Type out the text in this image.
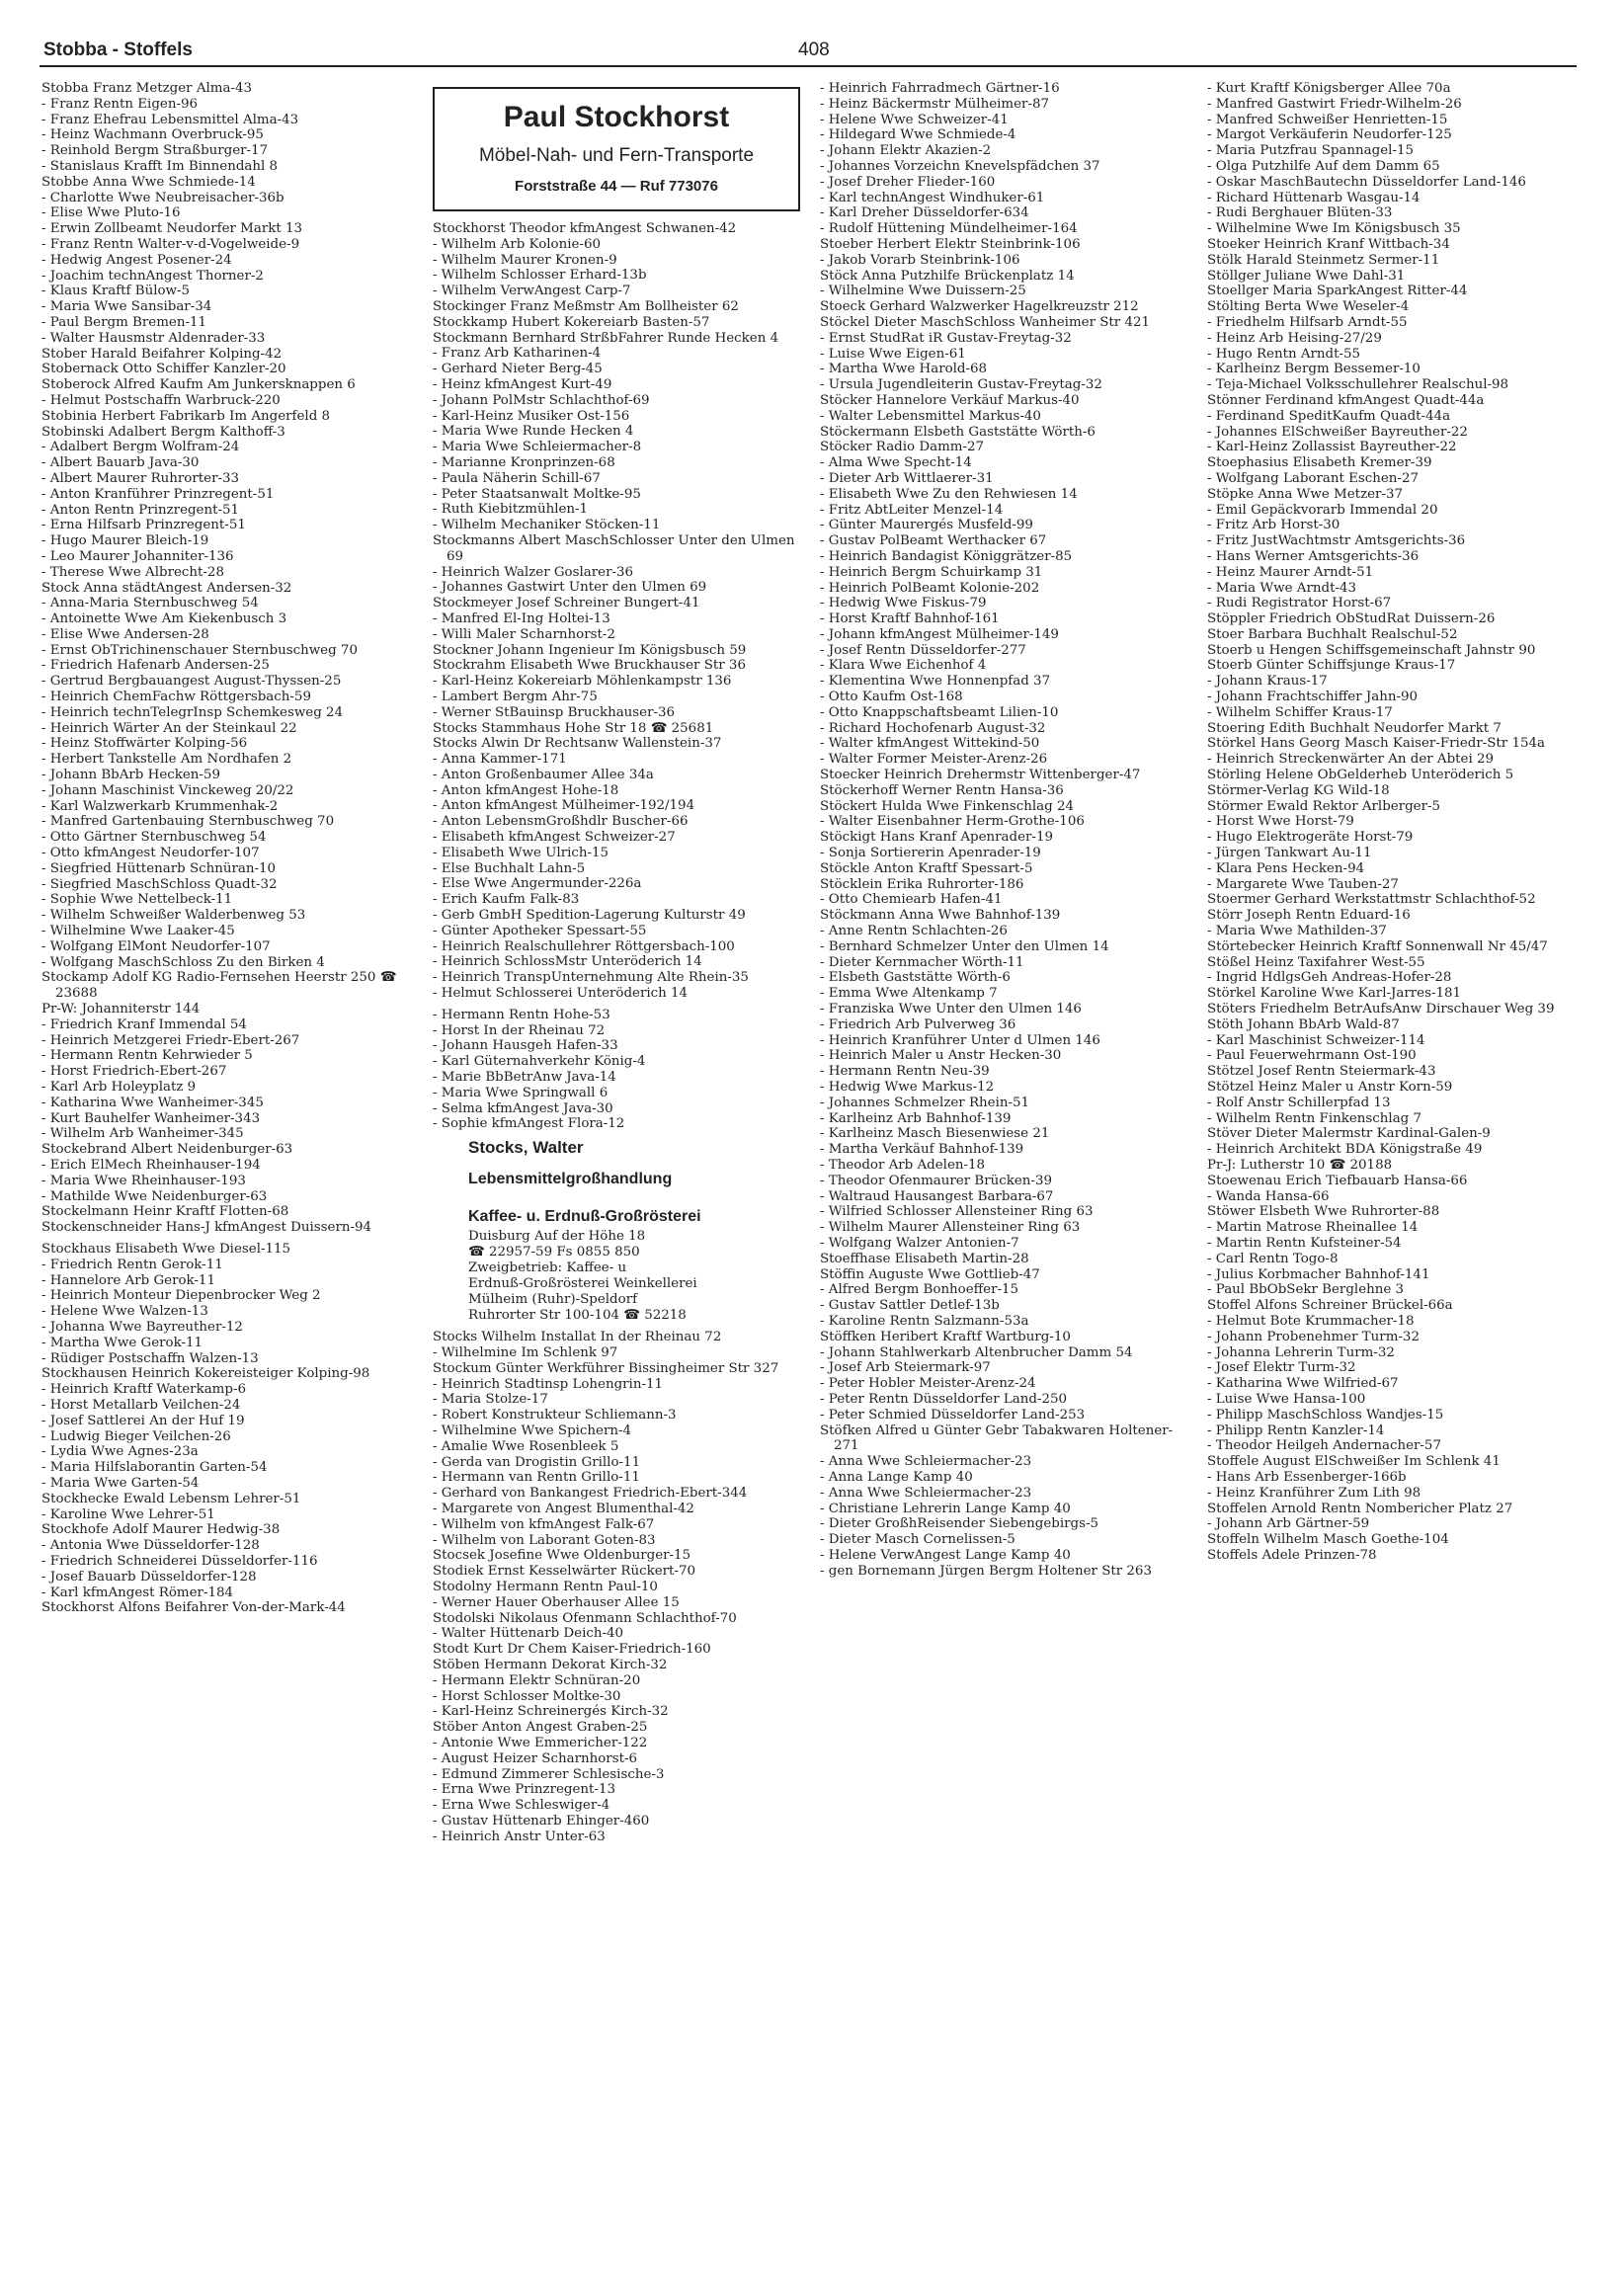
Stobba - Stoffels	408
Stobba Franz Metzger Alma-43
- Franz Rentn Eigen-96
- Franz Ehefrau Lebensmittel Alma-43
- Heinz Wachmann Overbruck-95
- Reinhold Bergm Straßburger-17
- Stanislaus Krafft Im Binnendahl 8
Stobbe Anna Wwe Schmiede-14
- Charlotte Wwe Neubreisacher-36b
- Elise Wwe Pluto-16
- Erwin Zollbeamt Neudorfer Markt 13
- Franz Rentn Walter-v-d-Vogelweide-9
- Hedwig Angest Posener-24
- Joachim technAngest Thorner-2
- Klaus Kraftf Bülow-5
- Maria Wwe Sansibar-34
- Paul Bergm Bremen-11
- Walter Hausmstr Aldenrader-33
Stober Harald Beifahrer Kolping-42
Stobernack Otto Schiffer Kanzler-20
Stoberock Alfred Kaufm Am Junkersknappen 6
- Helmut Postschaffn Warbruck-220
Stobinia Herbert Fabrikarb Im Angerfeld 8
Stobinski Adalbert Bergm Kalthoff-3
- Adalbert Bergm Wolfram-24
- Albert Bauarb Java-30
- Albert Maurer Ruhrorter-33
- Anton Kranführer Prinzregent-51
- Anton Rentn Prinzregent-51
- Erna Hilfsarb Prinzregent-51
- Hugo Maurer Bleich-19
- Leo Maurer Johanniter-136
- Therese Wwe Albrecht-28
Stock Anna städtAngest Andersen-32
- Anna-Maria Sternbuschweg 54
- Antoinette Wwe Am Kiekenbusch 3
- Elise Wwe Andersen-28
- Ernst ObTrichinenschauer Sternbuschweg 70
- Friedrich Hafenarb Andersen-25
- Gertrud Bergbauangest August-Thyssen-25
- Heinrich ChemFachw Röttgersbach-59
- Heinrich technTelegrInsp Schemkesweg 24
- Heinrich Wärter An der Steinkaul 22
- Heinz Stoffwärter Kolping-56
- Herbert Tankstelle Am Nordhafen 2
- Johann BbArb Hecken-59
- Johann Maschinist Vinckeweg 20/22
- Karl Walzwerkarb Krummenhak-2
- Manfred Gartenbauing Sternbuschweg 70
- Otto Gärtner Sternbuschweg 54
- Otto kfmAngest Neudorfer-107
- Siegfried Hüttenarb Schnüran-10
- Siegfried MaschSchloss Quadt-32
- Sophie Wwe Nettelbeck-11
- Wilhelm Schweißer Walderbenweg 53
- Wilhelmine Wwe Laaker-45
- Wolfgang ElMont Neudorfer-107
- Wolfgang MaschSchloss Zu den Birken 4
Stockamp Adolf KG Radio-Fernsehen Heerstr 250 ☎ 23688
Pr-W: Johanniterstr 144
- Friedrich Kranf Immendal 54
- Heinrich Metzgerei Friedr-Ebert-267
- Hermann Rentn Kehrwieder 5
- Horst Friedrich-Ebert-267
- Karl Arb Holeyplatz 9
- Katharina Wwe Wanheimer-345
- Kurt Bauhelfer Wanheimer-343
- Wilhelm Arb Wanheimer-345
Stockebrand Albert Neidenburger-63
- Erich ElMech Rheinhauser-194
- Maria Wwe Rheinhauser-193
- Mathilde Wwe Neidenburger-63
Stockelmann Heinr Kraftf Flotten-68
Stockenschneider Hans-J kfmAngest Duissern-94
Stockhaus Elisabeth Wwe Diesel-115
- Friedrich Rentn Gerok-11
- Hannelore Arb Gerok-11
- Heinrich Monteur Diepenbrocker Weg 2
- Helene Wwe Walzen-13
- Johanna Wwe Bayreuther-12
- Martha Wwe Gerok-11
- Rüdiger Postschaffn Walzen-13
Stockhausen Heinrich Kokereisteiger Kolping-98
- Heinrich Kraftf Waterkamp-6
- Horst Metallarb Veilchen-24
- Josef Sattlerei An der Huf 19
- Ludwig Bieger Veilchen-26
- Lydia Wwe Agnes-23a
- Maria Hilfslaborantin Garten-54
- Maria Wwe Garten-54
Stockhecke Ewald Lebensm Lehrer-51
- Karoline Wwe Lehrer-51
Stockhofe Adolf Maurer Hedwig-38
- Antonia Wwe Düsseldorfer-128
- Friedrich Schneiderei Düsseldorfer-116
- Josef Bauarb Düsseldorfer-128
- Karl kfmAngest Römer-184
Stockhorst Alfons Beifahrer Von-der-Mark-44
Paul Stockhorst
Möbel-Nah- und Fern-Transporte
Forststraße 44 — Ruf 773076
Stockhorst Theodor kfmAngest Schwanen-42
- Wilhelm Arb Kolonie-60
- Wilhelm Maurer Kronen-9
- Wilhelm Schlosser Erhard-13b
- Wilhelm VerwAngest Carp-7
Stockinger Franz Meßmstr Am Bollheister 62
Stockkamp Hubert Kokereiarb Basten-57
Stockmann Bernhard StrßbFahrer Runde Hecken 4
- Franz Arb Katharinen-4
- Gerhard Nieter Berg-45
- Heinz kfmAngest Kurt-49
- Johann PolMstr Schlachthof-69
- Karl-Heinz Musiker Ost-156
- Maria Wwe Runde Hecken 4
- Maria Wwe Schleiermacher-8
- Marianne Kronprinzen-68
- Paula Näherin Schill-67
- Peter Staatsanwalt Moltke-95
- Ruth Kiebitzmühlen-1
- Wilhelm Mechaniker Stöcken-11
Stockmanns Albert MaschSchlosser Unter den Ulmen 69
- Heinrich Walzer Goslarer-36
- Johannes Gastwirt Unter den Ulmen 69
Stockmeyer Josef Schreiner Bungert-41
- Manfred El-Ing Holtei-13
- Willi Maler Scharnhorst-2
Stockner Johann Ingenieur Im Königsbusch 59
Stockrahm Elisabeth Wwe Bruckhauser Str 36
- Karl-Heinz Kokereiarb Möhlenkampstr 136
- Lambert Bergm Ahr-75
- Werner StBauinsp Bruckhauser-36
Stocks Stammhaus Hohe Str 18 ☎ 25681
Stocks Alwin Dr Rechtsanw Wallenstein-37
- Anna Kammer-171
- Anton Großenbaumer Allee 34a
- Anton kfmAngest Hohe-18
- Anton kfmAngest Mülheimer-192/194
- Anton LebensmGroßhdlr Buscher-66
- Elisabeth kfmAngest Schweizer-27
- Elisabeth Wwe Ulrich-15
- Else Buchhalt Lahn-5
- Else Wwe Angermunder-226a
- Erich Kaufm Falk-83
- Gerb GmbH Spedition-Lagerung Kulturstr 49
- Günter Apotheker Spessart-55
- Heinrich Realschullehrer Röttgersbach-100
- Heinrich SchlossMstr Unteröderich 14
- Heinrich TranspUnternehmung Alte Rhein-35
- Helmut Schlosserei Unteröderich 14
- Hermann Rentn Hohe-53
- Horst In der Rheinau 72
- Johann Hausgeh Hafen-33
- Karl Güternahverkehr König-4
- Marie BbBetrAnw Java-14
- Maria Wwe Springwall 6
- Selma kfmAngest Java-30
- Sophie kfmAngest Flora-12
Stocks, Walter
Lebensmittelgroßhandlung
Kaffee- u. Erdnuß-Großrösterei
Duisburg Auf der Höhe 18
☎ 22957-59 Fs 0855 850
Zweigbetrieb: Kaffee- u
Erdnuß-Großrösterei Weinkellerei
Mülheim (Ruhr)-Speldorf
Ruhrorter Str 100-104 ☎ 52218
Stocks Wilhelm Installat In der Rheinau 72
- Wilhelmine Im Schlenk 97
Stockum Günter Werkführer Bissingheimer Str 327
- Heinrich Stadtinsp Lohengrin-11
- Maria Stolze-17
- Robert Konstrukteur Schliemann-3
- Wilhelmine Wwe Spichern-4
- Amalie Wwe Rosenbleek 5
- Gerda van Drogistin Grillo-11
- Hermann van Rentn Grillo-11
- Gerhard von Bankangest Friedrich-Ebert-344
- Margarete von Angest Blumenthal-42
- Wilhelm von kfmAngest Falk-67
- Wilhelm von Laborant Goten-83
Stocsek Josefine Wwe Oldenburger-15
Stodiek Ernst Kesselwärter Rückert-70
Stodolny Hermann Rentn Paul-10
- Werner Hauer Oberhauser Allee 15
Stodolski Nikolaus Ofenmann Schlachthof-70
- Walter Hüttenarb Deich-40
Stodt Kurt Dr Chem Kaiser-Friedrich-160
Stöben Hermann Dekorat Kirch-32
- Hermann Elektr Schnüran-20
- Horst Schlosser Moltke-30
- Karl-Heinz Schreinergés Kirch-32
Stöber Anton Angest Graben-25
- Antonie Wwe Emmericher-122
- August Heizer Scharnhorst-6
- Edmund Zimmerer Schlesische-3
- Erna Wwe Prinzregent-13
- Erna Wwe Schleswiger-4
- Gustav Hüttenarb Ehinger-460
- Heinrich Anstr Unter-63
- Heinrich Fahrradmech Gärtner-16
- Heinz Bäckermstr Mülheimer-87
- Helene Wwe Schweizer-41
- Hildegard Wwe Schmiede-4
- Johann Elektr Akazien-2
- Johannes Vorzeichn Knevelspfädchen 37
- Josef Dreher Flieder-160
- Karl technAngest Windhuker-61
- Karl Dreher Düsseldorfer-634
- Rudolf Hüttening Mündelheimer-164
Stoeber Herbert Elektr Steinbrink-106
- Jakob Vorarb Steinbrink-106
Stöck Anna Putzhilfe Brückenplatz 14
- Wilhelmine Wwe Duissern-25
Stoeck Gerhard Walzwerker Hagelkreuzstr 212
Stöckel Dieter MaschSchloss Wanheimer Str 421
- Ernst StudRat iR Gustav-Freytag-32
- Luise Wwe Eigen-61
- Martha Wwe Harold-68
- Ursula Jugendleiterin Gustav-Freytag-32
Stöcker Hannelore Verkäuf Markus-40
- Walter Lebensmittel Markus-40
Stöckermann Elsbeth Gaststätte Wörth-6
Stöcker Radio Damm-27
- Alma Wwe Specht-14
- Dieter Arb Wittlaerer-31
- Elisabeth Wwe Zu den Rehwiesen 14
- Fritz AbtLeiter Menzel-14
- Günter Maurergés Musfeld-99
- Gustav PolBeamt Werthacker 67
- Heinrich Bandagist Königgrätzer-85
- Heinrich Bergm Schuirkamp 31
- Heinrich PolBeamt Kolonie-202
- Hedwig Wwe Fiskus-79
- Horst Kraftf Bahnhof-161
- Johann kfmAngest Mülheimer-149
- Josef Rentn Düsseldorfer-277
- Klara Wwe Eichenhof 4
- Klementina Wwe Honnenpfad 37
- Otto Kaufm Ost-168
- Otto Knappschaftsbeamt Lilien-10
- Richard Hochofenarb August-32
- Walter kfmAngest Wittekind-50
- Walter Former Meister-Arenz-26
Stoecker Heinrich Drehermstr Wittenberger-47
Stöckerhoff Werner Rentn Hansa-36
Stöckert Hulda Wwe Finkenschlag 24
- Walter Eisenbahner Herm-Grothe-106
Stöckigt Hans Kranf Apenrader-19
- Sonja Sortiererin Apenrader-19
Stöckle Anton Kraftf Spessart-5
Stöcklein Erika Ruhrorter-186
- Otto Chemiearb Hafen-41
Stöckmann Anna Wwe Bahnhof-139
- Anne Rentn Schlachten-26
- Bernhard Schmelzer Unter den Ulmen 14
- Dieter Kernmacher Wörth-11
- Elsbeth Gaststätte Wörth-6
- Emma Wwe Altenkamp 7
- Franziska Wwe Unter den Ulmen 146
- Friedrich Arb Pulverweg 36
- Heinrich Kranführer Unter d Ulmen 146
- Heinrich Maler u Anstr Hecken-30
- Hermann Rentn Neu-39
- Hedwig Wwe Markus-12
- Johannes Schmelzer Rhein-51
- Karlheinz Arb Bahnhof-139
- Karlheinz Masch Biesenwiese 21
- Martha Verkäuf Bahnhof-139
- Theodor Arb Adelen-18
- Theodor Ofenmaurer Brücken-39
- Waltraud Hausangest Barbara-67
- Wilfried Schlosser Allensteiner Ring 63
- Wilhelm Maurer Allensteiner Ring 63
- Wolfgang Walzer Antonien-7
Stoeffhase Elisabeth Martin-28
Stöffin Auguste Wwe Gottlieb-47
- Alfred Bergm Bonhoeffer-15
- Gustav Sattler Detlef-13b
- Karoline Rentn Salzmann-53a
Stöffken Heribert Kraftf Wartburg-10
- Johann Stahlwerkarb Altenbrucher Damm 54
- Josef Arb Steiermark-97
- Peter Hobler Meister-Arenz-24
- Peter Rentn Düsseldorfer Land-250
- Peter Schmied Düsseldorfer Land-253
Stöfken Alfred u Günter Gebr Tabakwaren Holtener-271
- Anna Wwe Schleiermacher-23
- Anna Lange Kamp 40
- Anna Wwe Schleiermacher-23
- Christiane Lehrerin Lange Kamp 40
- Dieter GroßhReisender Siebengebirgs-5
- Dieter Masch Cornelissen-5
- Helene VerwAngest Lange Kamp 40
- gen Bornemann Jürgen Bergm Holtener Str 263
- Kurt Kraftf Königsberger Allee 70a
- Manfred Gastwirt Friedr-Wilhelm-26
- Manfred Schweißer Henrietten-15
- Margot Verkäuferin Neudorfer-125
- Maria Putzfrau Spannagel-15
- Olga Putzhilfe Auf dem Damm 65
- Oskar MaschBautechn Düsseldorfer Land-146
- Richard Hüttenarb Wasgau-14
- Rudi Berghauer Blüten-33
- Wilhelmine Wwe Im Königsbusch 35
Stoeker Heinrich Kranf Wittbach-34
Stölk Harald Steinmetz Sermer-11
Stöllger Juliane Wwe Dahl-31
Stoellger Maria SparkAngest Ritter-44
Stölting Berta Wwe Weseler-4
- Friedhelm Hilfsarb Arndt-55
- Heinz Arb Heising-27/29
- Hugo Rentn Arndt-55
- Karlheinz Bergm Bessemer-10
- Teja-Michael Volksschullehrer Realschul-98
Stönner Ferdinand kfmAngest Quadt-44a
- Ferdinand SpeditKaufm Quadt-44a
- Johannes ElSchweißer Bayreuther-22
- Karl-Heinz Zollassist Bayreuther-22
Stoephasius Elisabeth Kremer-39
- Wolfgang Laborant Eschen-27
Stöpke Anna Wwe Metzer-37
- Emil Gepäckvorarb Immendal 20
- Fritz Arb Horst-30
- Fritz JustWachtmstr Amtsgerichts-36
- Hans Werner Amtsgerichts-36
- Heinz Maurer Arndt-51
- Maria Wwe Arndt-43
- Rudi Registrator Horst-67
Stöppler Friedrich ObStudRat Duissern-26
Stoer Barbara Buchhalt Realschul-52
Stoerb u Hengen Schiffsgemeinschaft Jahnstr 90
Stoerb Günter Schiffsjunge Kraus-17
- Johann Kraus-17
- Johann Frachtschiffer Jahn-90
- Wilhelm Schiffer Kraus-17
Stoering Edith Buchhalt Neudorfer Markt 7
Störkel Hans Georg Masch Kaiser-Friedr-Str 154a
- Heinrich Streckenwärter An der Abtei 29
Störling Helene ObGelderheb Unteröderich 5
Störmer-Verlag KG Wild-18
Störmer Ewald Rektor Arlberger-5
- Horst Wwe Horst-79
- Hugo Elektrogerätе Horst-79
- Jürgen Tankwart Au-11
- Klara Pens Hecken-94
- Margarete Wwe Tauben-27
Stoermer Gerhard Werkstattmstr Schlachthof-52
Störr Joseph Rentn Eduard-16
- Maria Wwe Mathilden-37
Störtebecker Heinrich Kraftf Sonnenwall Nr 45/47
Stößel Heinz Taxifahrer West-55
- Ingrid HdlgsGeh Andreas-Hofer-28
Störkel Karoline Wwe Karl-Jarres-181
Stöters Friedhelm BetrAufsAnw Dirschauer Weg 39
Stöth Johann BbArb Wald-87
- Karl Maschinist Schweizer-114
- Paul Feuerwehrmann Ost-190
Stötzel Josef Rentn Steiermark-43
Stötzel Heinz Maler u Anstr Korn-59
- Rolf Anstr Schillerpfad 13
- Wilhelm Rentn Finkenschlag 7
Stöver Dieter Malermstr Kardinal-Galen-9
- Heinrich Architekt BDA Königstraße 49
Pr-J: Lutherstr 10 ☎ 20188
Stoewenau Erich Tiefbauarb Hansa-66
- Wanda Hansa-66
Stöwer Elsbeth Wwe Ruhrorter-88
- Martin Matrose Rheinallee 14
- Martin Rentn Kufsteiner-54
- Carl Rentn Togo-8
- Julius Korbmacher Bahnhof-141
- Paul BbObSekr Berglehne 3
Stoffel Alfons Schreiner Brückel-66a
- Helmut Bote Krummacher-18
- Johann Probenehmer Turm-32
- Johanna Lehrerin Turm-32
- Josef Elektr Turm-32
- Katharina Wwe Wilfried-67
- Luise Wwe Hansa-100
- Philipp MaschSchloss Wandjes-15
- Philipp Rentn Kanzler-14
- Theodor Heilgeh Andernacher-57
Stoffele August ElSchweißer Im Schlenk 41
- Hans Arb Essenberger-166b
- Heinz Kranführer Zum Lith 98
Stoffelen Arnold Rentn Nombericher Platz 27
- Johann Arb Gärtner-59
Stoffeln Wilhelm Masch Goethe-104
Stoffels Adele Prinzen-78
